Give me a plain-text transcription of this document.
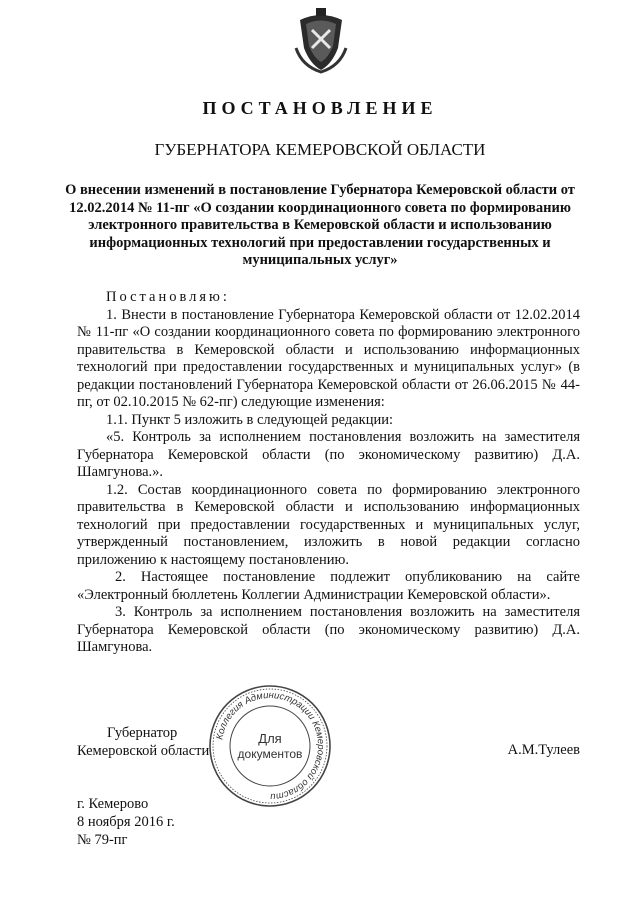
ПОСТАНОВЛЕНИЕ
ГУБЕРНАТОРА КЕМЕРОВСКОЙ ОБЛАСТИ
О внесении изменений в постановление Губернатора Кемеровской области от 12.02.2014 № 11-пг «О создании координационного совета по формированию электронного правительства в Кемеровской области и использованию информационных технологий при предоставлении государственных и муниципальных услуг»

Постановляю:

1. Внести в постановление Губернатора Кемеровской области от 12.02.2014 № 11-пг «О создании координационного совета по формированию электронного правительства в Кемеровской области и использованию информационных технологий при предоставлении государственных и муниципальных услуг» (в редакции постановлений Губернатора Кемеровской области от 26.06.2015 № 44-пг, от 02.10.2015 № 62-пг) следующие изменения:

1.1. Пункт 5 изложить в следующей редакции:

«5. Контроль за исполнением постановления возложить на заместителя Губернатора Кемеровской области (по экономическому развитию) Д.А. Шамгунова.».

1.2. Состав координационного совета по формированию электронного правительства в Кемеровской области и использованию информационных технологий при предоставлении государственных и муниципальных услуг, утвержденный постановлением, изложить в новой редакции согласно приложению к настоящему постановлению.

2. Настоящее постановление подлежит опубликованию на сайте «Электронный бюллетень Коллегии Администрации Кемеровской области».

3. Контроль за исполнением постановления возложить на заместителя Губернатора Кемеровской области (по экономическому развитию) Д.А. Шамгунова.

Губернатор
Кемеровской области
Коллегия Администрации Кемеровской области
Для
документов	А.М.Тулеев
г. Кемерово
8 ноября 2016 г.
№ 79-пг
